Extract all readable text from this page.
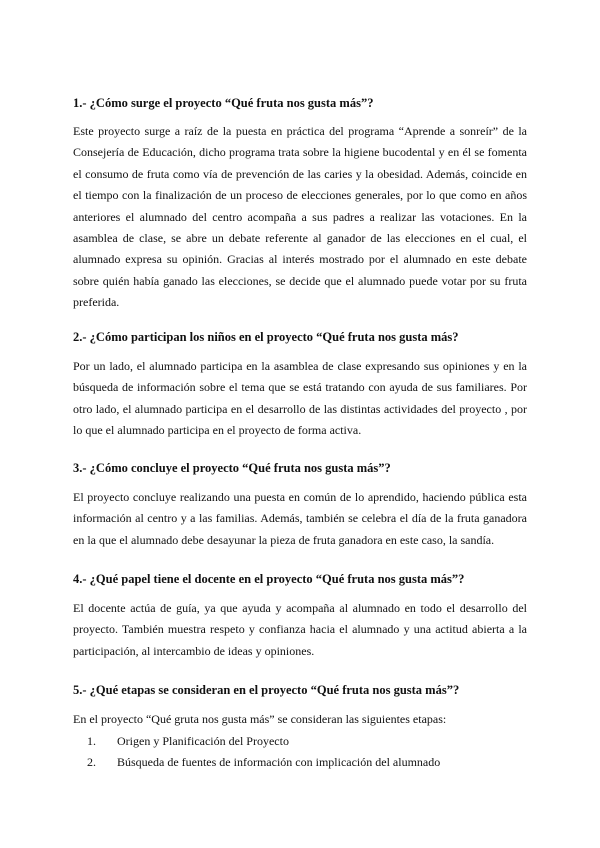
1.- ¿Cómo surge el proyecto “Qué fruta nos gusta más”?
Este proyecto surge a raíz de la puesta en práctica del programa “Aprende a sonreír” de la Consejería de Educación, dicho programa trata sobre la higiene bucodental y en él se fomenta el consumo de fruta como vía de prevención de las caries y la obesidad. Además, coincide en el tiempo con la finalización de un proceso de elecciones generales, por lo que como en años anteriores el alumnado del centro acompaña a sus padres a realizar las votaciones. En la asamblea de clase, se abre un debate referente al ganador de las elecciones en el cual, el alumnado expresa su opinión. Gracias al interés mostrado por el alumnado en este debate sobre quién había ganado las elecciones, se decide que el alumnado puede votar por su fruta preferida.
2.- ¿Cómo participan los niños en el proyecto “Qué fruta nos gusta más?
Por un lado, el alumnado participa en la asamblea de clase expresando sus opiniones y en la búsqueda de información sobre el tema que se está tratando con ayuda de sus familiares. Por otro lado, el alumnado participa en el desarrollo de las distintas actividades del proyecto , por lo que el alumnado participa en el proyecto de forma activa.
3.- ¿Cómo concluye el proyecto “Qué fruta nos gusta más”?
El proyecto concluye realizando una puesta en común de lo aprendido, haciendo pública esta información al centro y a las familias. Además, también se celebra el día de la fruta ganadora en la que el alumnado debe desayunar la pieza de fruta ganadora en este caso, la sandía.
4.- ¿Qué papel tiene el docente en el proyecto “Qué fruta nos gusta más”?
El docente actúa de guía, ya que ayuda y acompaña al alumnado en todo el desarrollo del proyecto. También muestra respeto y confianza hacia el alumnado y una actitud abierta a la participación, al intercambio de ideas y opiniones.
5.- ¿Qué etapas se consideran en el proyecto “Qué fruta nos gusta más”?
En el proyecto “Qué gruta nos gusta más” se consideran las siguientes etapas:
1. Origen y Planificación del Proyecto
2. Búsqueda de fuentes de información con implicación del alumnado
